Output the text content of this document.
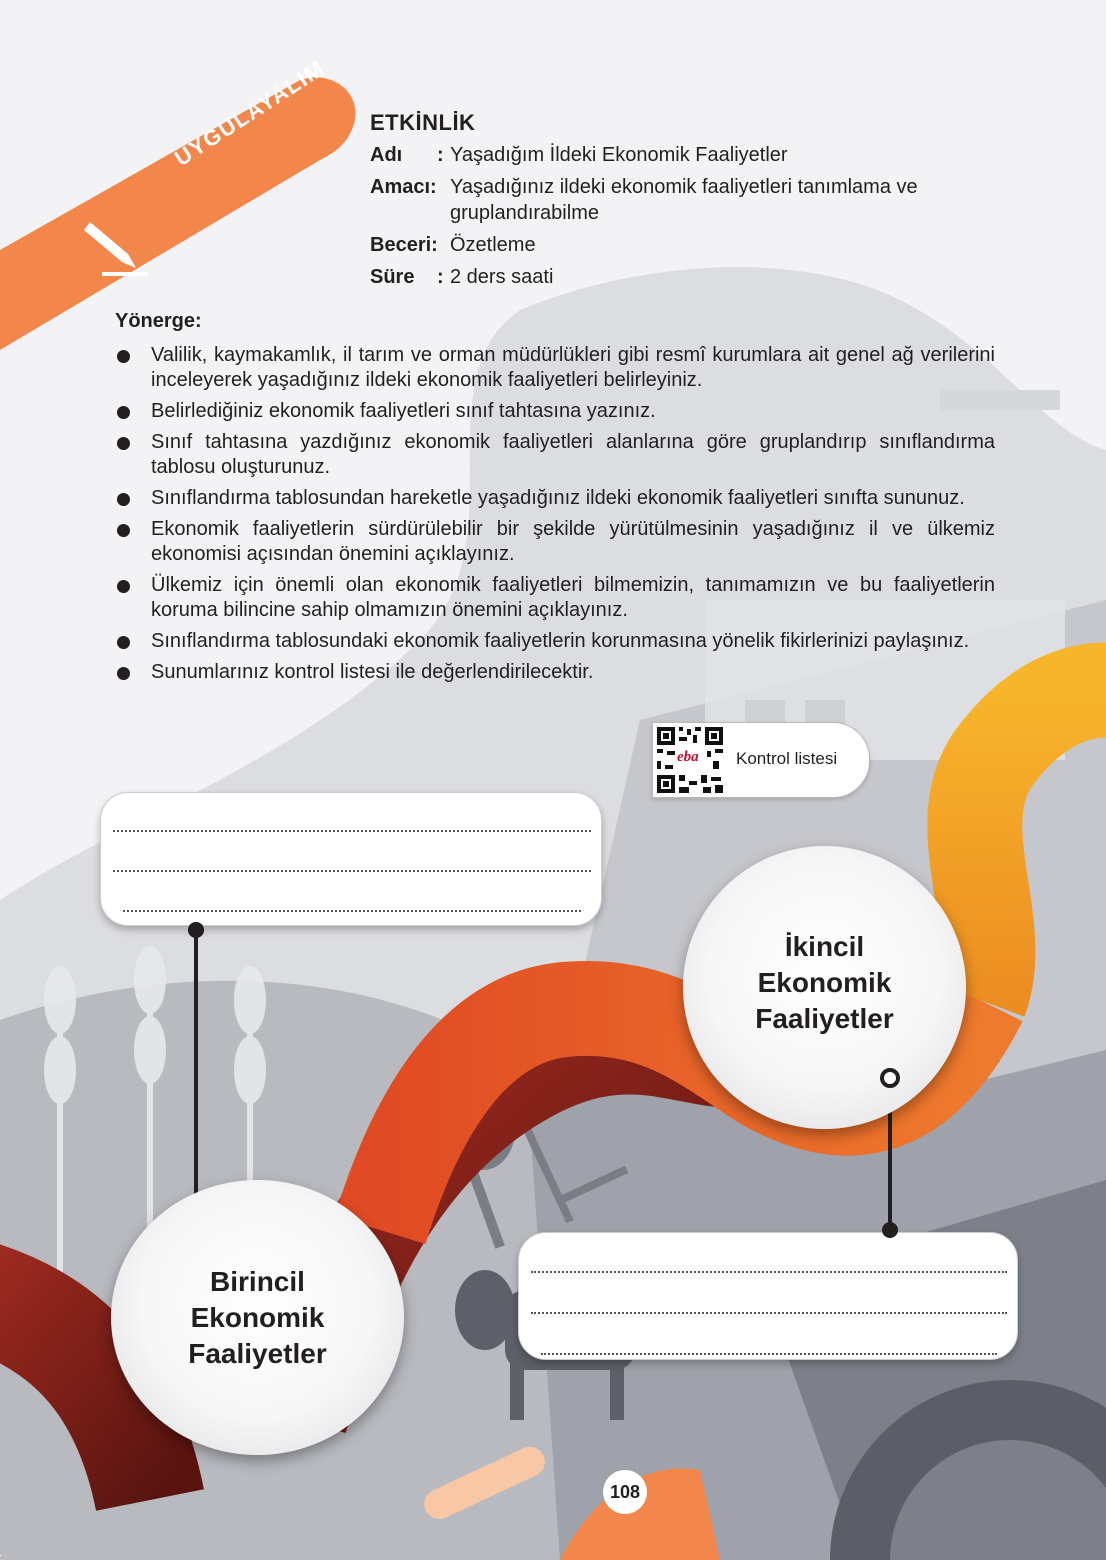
UYGULAYALIM ETKİNLİK
Adı : Yaşadığım İldeki Ekonomik Faaliyetler
Amacı: Yaşadığınız ildeki ekonomik faaliyetleri tanımlama ve gruplandırabilme
Beceri: Özetleme
Süre : 2 ders saati
Yönerge:
Valilik, kaymakamlık, il tarım ve orman müdürlükleri gibi resmî kurumlara ait genel ağ verilerini inceleyerek yaşadığınız ildeki ekonomik faaliyetleri belirleyiniz.
Belirlediğiniz ekonomik faaliyetleri sınıf tahtasına yazınız.
Sınıf tahtasına yazdığınız ekonomik faaliyetleri alanlarına göre gruplandırıp sınıflandırma tablosu oluşturunuz.
Sınıflandırma tablosundan hareketle yaşadığınız ildeki ekonomik faaliyetleri sınıfta sununuz.
Ekonomik faaliyetlerin sürdürülebilir bir şekilde yürütülmesinin yaşadığınız il ve ülkemiz ekonomisi açısından önemini açıklayınız.
Ülkemiz için önemli olan ekonomik faaliyetleri bilmemizin, tanımamızın ve bu faaliyetlerin koruma bilincine sahip olmamızın önemini açıklayınız.
Sınıflandırma tablosundaki ekonomik faaliyetlerin korunmasına yönelik fikirlerinizi paylaşınız.
Sunumlarınız kontrol listesi ile değerlendirilecektir.
eba Kontrol listesi
Birincil
Ekonomik
Faaliyetler
İkincil
Ekonomik
Faaliyetler
108
